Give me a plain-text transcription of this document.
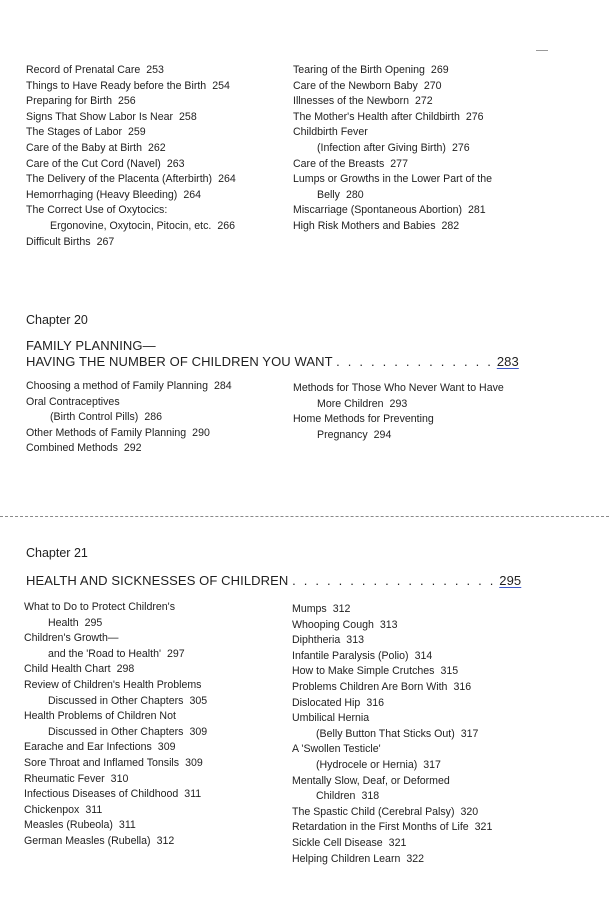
Record of Prenatal Care 253
Things to Have Ready before the Birth 254
Preparing for Birth 256
Signs That Show Labor Is Near 258
The Stages of Labor 259
Care of the Baby at Birth 262
Care of the Cut Cord (Navel) 263
The Delivery of the Placenta (Afterbirth) 264
Hemorrhaging (Heavy Bleeding) 264
The Correct Use of Oxytocics:
Ergonovine, Oxytocin, Pitocin, etc. 266
Difficult Births 267
Tearing of the Birth Opening 269
Care of the Newborn Baby 270
Illnesses of the Newborn 272
The Mother's Health after Childbirth 276
Childbirth Fever
(Infection after Giving Birth) 276
Care of the Breasts 277
Lumps or Growths in the Lower Part of the
Belly 280
Miscarriage (Spontaneous Abortion) 281
High Risk Mothers and Babies 282
Chapter 20
FAMILY PLANNING—
HAVING THE NUMBER OF CHILDREN YOU WANT . . . . . . . . . . . . . . 283
Choosing a method of Family Planning 284
Oral Contraceptives
(Birth Control Pills) 286
Other Methods of Family Planning 290
Combined Methods 292
Methods for Those Who Never Want to Have
More Children 293
Home Methods for Preventing
Pregnancy 294
Chapter 21
HEALTH AND SICKNESSES OF CHILDREN . . . . . . . . . . . . . . . . . . 295
What to Do to Protect Children's
Health 295
Children's Growth—
and the 'Road to Health' 297
Child Health Chart 298
Review of Children's Health Problems
Discussed in Other Chapters 305
Health Problems of Children Not
Discussed in Other Chapters 309
Earache and Ear Infections 309
Sore Throat and Inflamed Tonsils 309
Rheumatic Fever 310
Infectious Diseases of Childhood 311
Chickenpox 311
Measles (Rubeola) 311
German Measles (Rubella) 312
Mumps 312
Whooping Cough 313
Diphtheria 313
Infantile Paralysis (Polio) 314
How to Make Simple Crutches 315
Problems Children Are Born With 316
Dislocated Hip 316
Umbilical Hernia
(Belly Button That Sticks Out) 317
A 'Swollen Testicle'
(Hydrocele or Hernia) 317
Mentally Slow, Deaf, or Deformed
Children 318
The Spastic Child (Cerebral Palsy) 320
Retardation in the First Months of Life 321
Sickle Cell Disease 321
Helping Children Learn 322
